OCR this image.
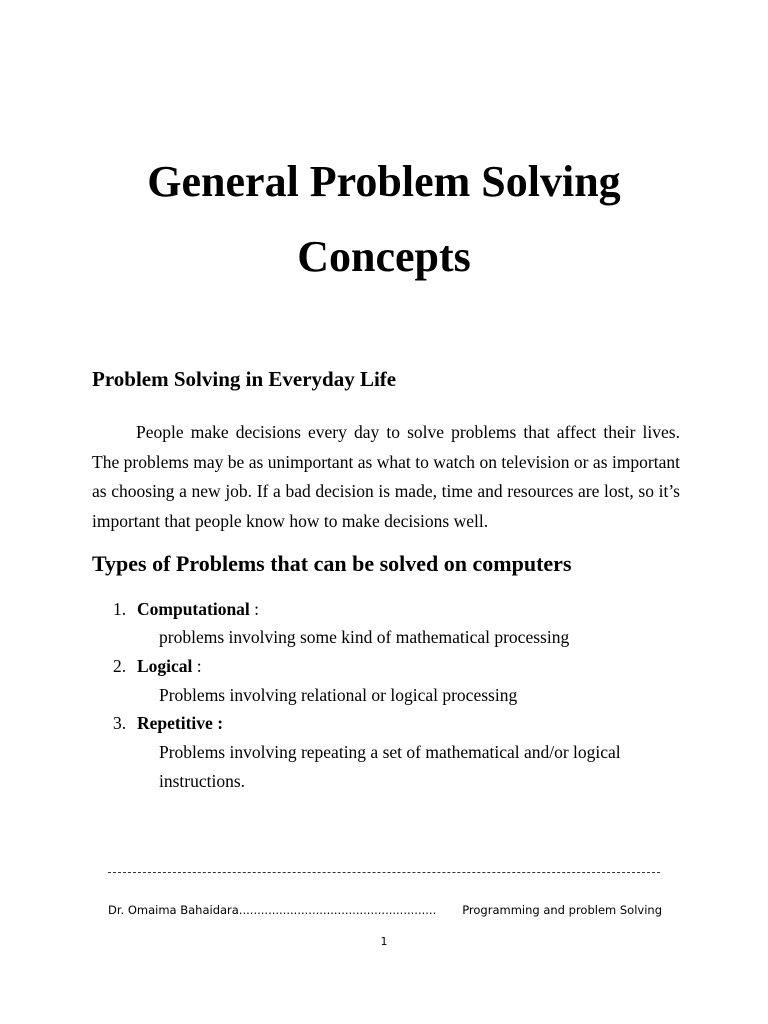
General Problem Solving
Concepts
Problem Solving in Everyday Life

People make decisions every day to solve problems that affect their lives. The problems may be as unimportant as what to watch on television or as important as choosing a new job. If a bad decision is made, time and resources are lost, so it’s important that people know how to make decisions well.

Types of Problems that can be solved on computers
1. Computational :
problems involving some kind of mathematical processing
2. Logical :
Problems involving relational or logical processing
3. Repetitive :
Problems involving repeating a set of mathematical and/or logical
instructions.
Dr. Omaima Bahaidara ......................................................	Programming and problem Solving
1
